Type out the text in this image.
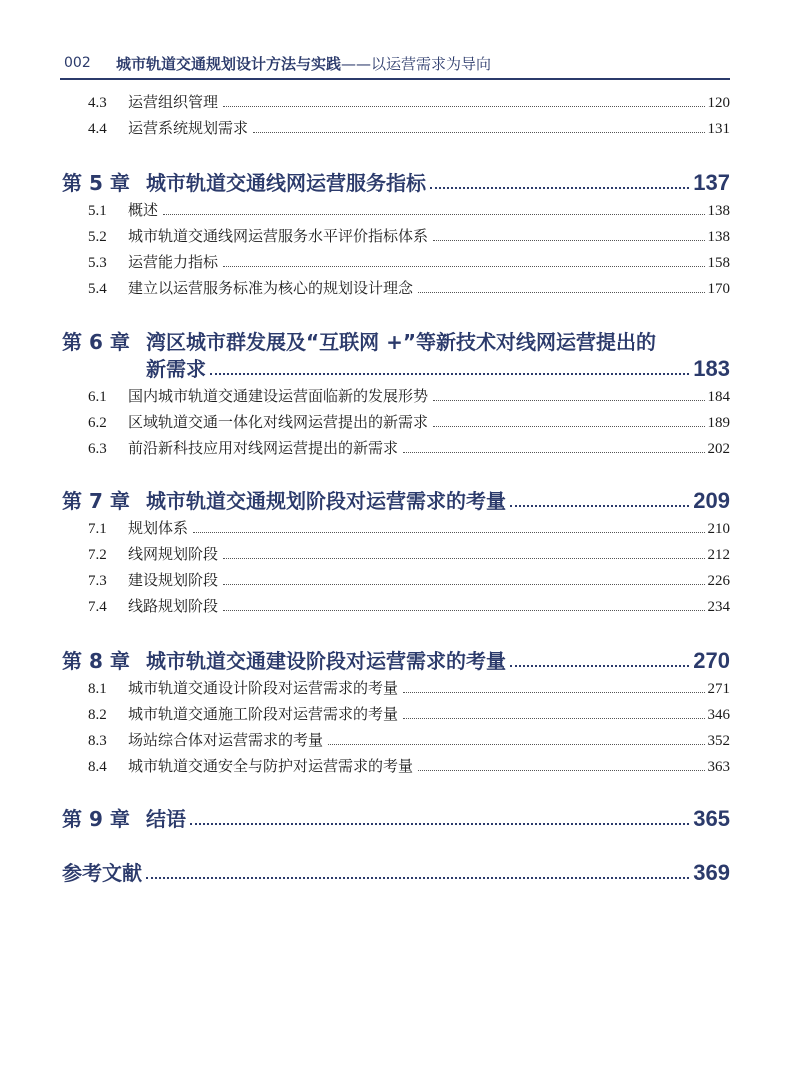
002 城市轨道交通规划设计方法与实践——以运营需求为导向
4.3	运营组织管理	120
4.4	运营系统规划需求	131
第 5 章 城市轨道交通线网运营服务指标	137
5.1	概述	138
5.2	城市轨道交通线网运营服务水平评价指标体系	138
5.3	运营能力指标	158
5.4	建立以运营服务标准为核心的规划设计理念	170
第 6 章 湾区城市群发展及“互联网 +”等新技术对线网运营提出的
新需求	183
6.1	国内城市轨道交通建设运营面临新的发展形势	184
6.2	区域轨道交通一体化对线网运营提出的新需求	189
6.3	前沿新科技应用对线网运营提出的新需求	202
第 7 章 城市轨道交通规划阶段对运营需求的考量	209
7.1	规划体系	210
7.2	线网规划阶段	212
7.3	建设规划阶段	226
7.4	线路规划阶段	234
第 8 章 城市轨道交通建设阶段对运营需求的考量	270
8.1	城市轨道交通设计阶段对运营需求的考量	271
8.2	城市轨道交通施工阶段对运营需求的考量	346
8.3	场站综合体对运营需求的考量	352
8.4	城市轨道交通安全与防护对运营需求的考量	363
第 9 章 结语	365
参考文献	369
